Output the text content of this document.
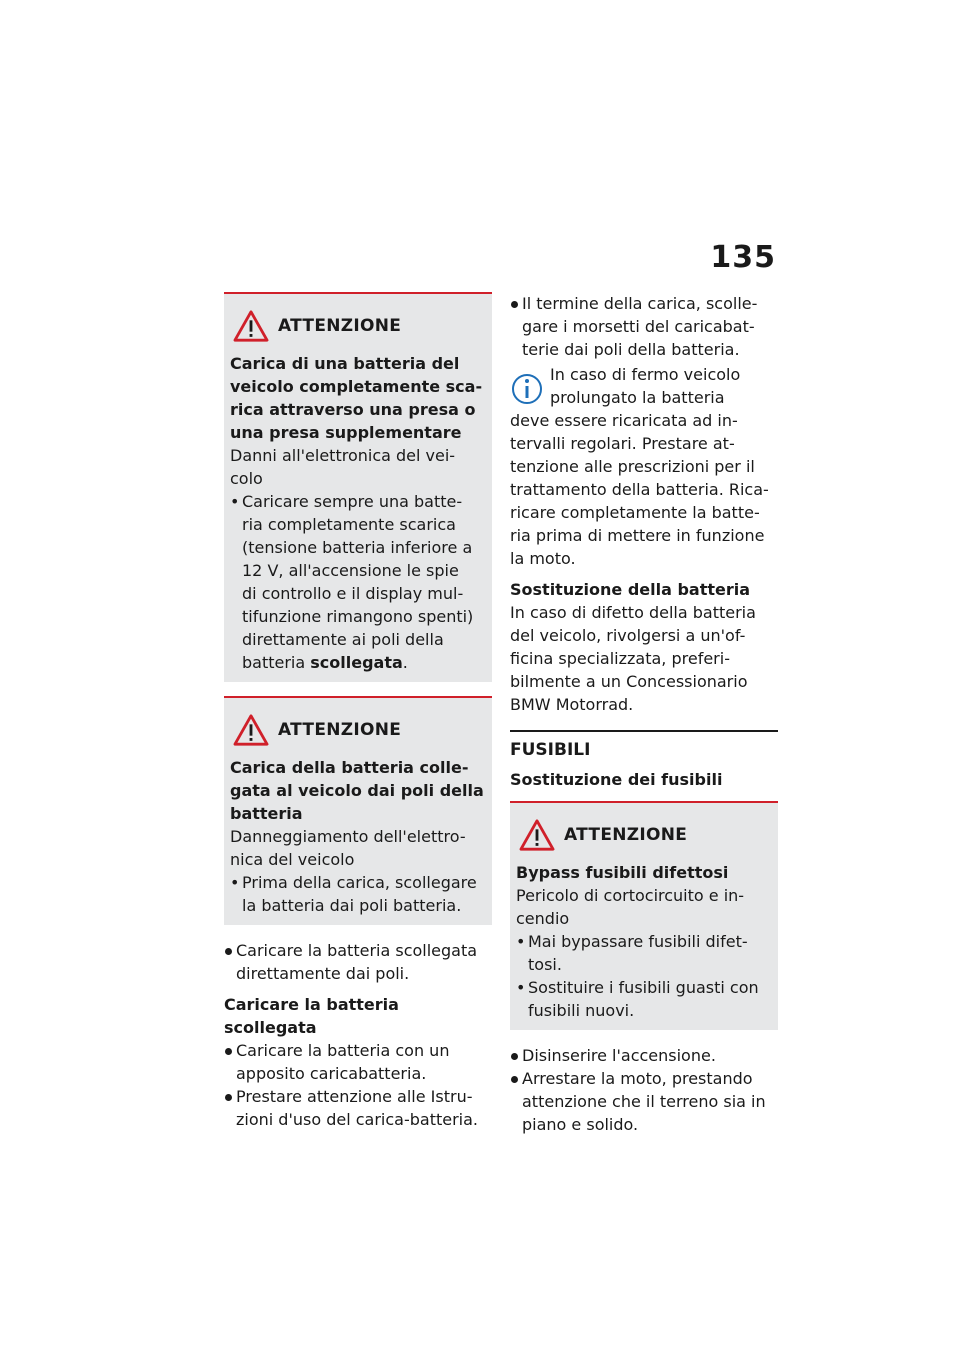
135
ATTENZIONE
Carica di una batteria del
veicolo completamente sca-
rica attraverso una presa o
una presa supplementare
Danni all'elettronica del vei-
colo
• Caricare sempre una batte-
ria completamente scarica
(tensione batteria inferiore a
12 V, all'accensione le spie
di controllo e il display mul-
tifunzione rimangono spenti)
direttamente ai poli della
batteria scollegata.
ATTENZIONE
Carica della batteria colle-
gata al veicolo dai poli della
batteria
Danneggiamento dell'elettro-
nica del veicolo
• Prima della carica, scollegare
la batteria dai poli batteria.
Caricare la batteria scollegata
direttamente dai poli.
Caricare la batteria scollegata
Caricare la batteria con un
apposito caricabatteria.
Prestare attenzione alle Istru-
zioni d'uso del carica-batteria.
Il termine della carica, scolle-
gare i morsetti del caricabat-
terie dai poli della batteria.
In caso di fermo veicolo
prolungato la batteria
deve essere ricaricata ad in-
tervalli regolari. Prestare at-
tenzione alle prescrizioni per il
trattamento della batteria. Rica-
ricare completamente la batte-
ria prima di mettere in funzione
la moto.
Sostituzione della batteria
In caso di difetto della batteria
del veicolo, rivolgersi a un'of-
ficina specializzata, preferi-
bilmente a un Concessionario
BMW Motorrad.
FUSIBILI
Sostituzione dei fusibili
ATTENZIONE
Bypass fusibili difettosi
Pericolo di cortocircuito e in-
cendio
• Mai bypassare fusibili difet-
tosi.
• Sostituire i fusibili guasti con
fusibili nuovi.
Disinserire l'accensione.
Arrestare la moto, prestando
attenzione che il terreno sia in
piano e solido.
